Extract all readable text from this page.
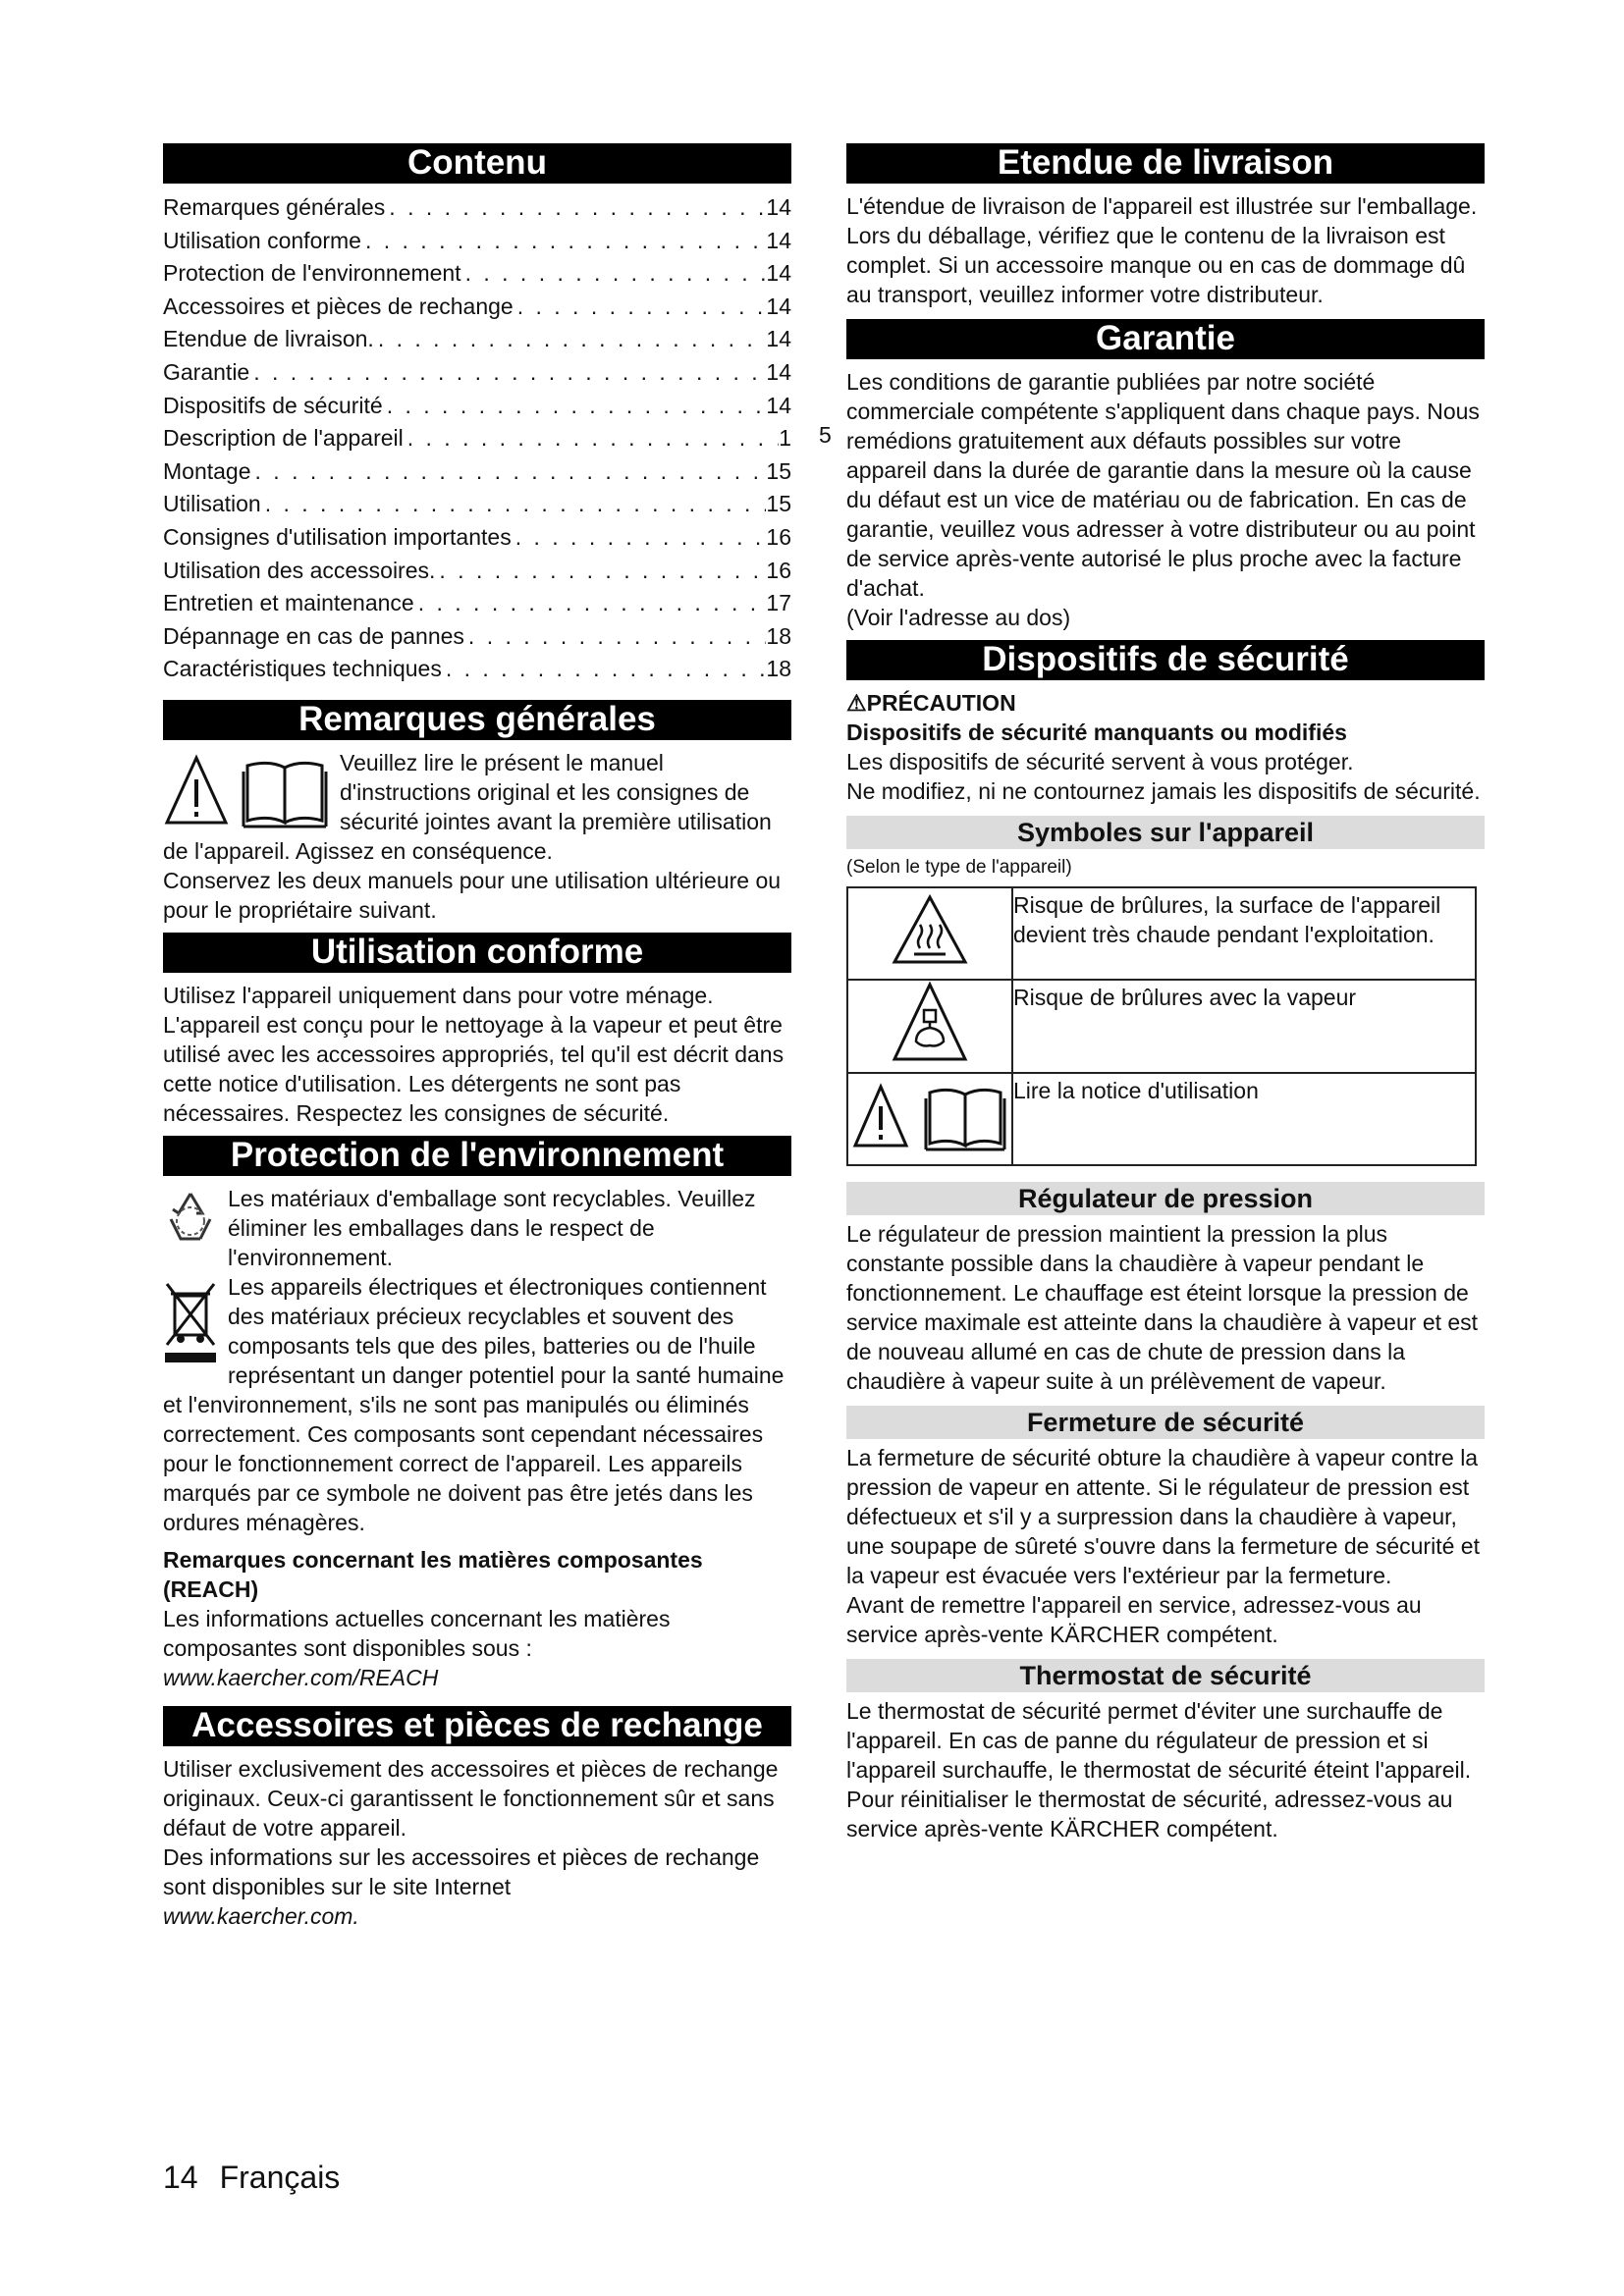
Contenu
Remarques générales . . .	14
Utilisation conforme . . .	14
Protection de l'environnement . . .	14
Accessoires et pièces de rechange . . .	14
Etendue de livraison. . . .	14
Garantie . . .	14
Dispositifs de sécurité . . .	14
Description de l'appareil . . .	1
Montage . . .	15
Utilisation . . .	15
Consignes d'utilisation importantes . . .	16
Utilisation des accessoires. . . .	16
Entretien et maintenance . . .	17
Dépannage en cas de pannes . . .	18
Caractéristiques techniques . . .	18
Remarques générales

Veuillez lire le présent le manuel d'instructions original et les consignes de sécurité jointes avant la première utilisation de l'appareil. Agissez en conséquence.

Conservez les deux manuels pour une utilisation ultérieure ou pour le propriétaire suivant.

Utilisation conforme

Utilisez l'appareil uniquement dans pour votre ménage. L'appareil est conçu pour le nettoyage à la vapeur et peut être utilisé avec les accessoires appropriés, tel qu'il est décrit dans cette notice d'utilisation. Les détergents ne sont pas nécessaires. Respectez les consignes de sécurité.

Protection de l'environnement

Les matériaux d'emballage sont recyclables. Veuillez éliminer les emballages dans le respect de l'environnement.

Les appareils électriques et électroniques contiennent des matériaux précieux recyclables et souvent des composants tels que des piles, batteries ou de l'huile représentant un danger potentiel pour la santé humaine et l'environnement, s'ils ne sont pas manipulés ou éliminés correctement. Ces composants sont cependant nécessaires pour le fonctionnement correct de l'appareil. Les appareils marqués par ce symbole ne doivent pas être jetés dans les ordures ménagères.

Remarques concernant les matières composantes (REACH)

Les informations actuelles concernant les matières composantes sont disponibles sous : www.kaercher.com/REACH

Accessoires et pièces de rechange

Utiliser exclusivement des accessoires et pièces de rechange originaux. Ceux-ci garantissent le fonctionnement sûr et sans défaut de votre appareil.

Des informations sur les accessoires et pièces de rechange sont disponibles sur le site Internet

www.kaercher.com.

5
Etendue de livraison

L'étendue de livraison de l'appareil est illustrée sur l'emballage. Lors du déballage, vérifiez que le contenu de la livraison est complet. Si un accessoire manque ou en cas de dommage dû au transport, veuillez informer votre distributeur.

Garantie

Les conditions de garantie publiées par notre société commerciale compétente s'appliquent dans chaque pays. Nous remédions gratuitement aux défauts possibles sur votre appareil dans la durée de garantie dans la mesure où la cause du défaut est un vice de matériau ou de fabrication. En cas de garantie, veuillez vous adresser à votre distributeur ou au point de service après-vente autorisé le plus proche avec la facture d'achat.

(Voir l'adresse au dos)

Dispositifs de sécurité

⚠PRÉCAUTION

Dispositifs de sécurité manquants ou modifiés

Les dispositifs de sécurité servent à vous protéger.

Ne modifiez, ni ne contournez jamais les dispositifs de sécurité.

Symboles sur l'appareil

(Selon le type de l'appareil)

	Risque de brûlures, la surface de l'appareil devient très chaude pendant l'exploitation.
	Risque de brûlures avec la vapeur
	Lire la notice d'utilisation
Régulateur de pression

Le régulateur de pression maintient la pression la plus constante possible dans la chaudière à vapeur pendant le fonctionnement. Le chauffage est éteint lorsque la pression de service maximale est atteinte dans la chaudière à vapeur et est de nouveau allumé en cas de chute de pression dans la chaudière à vapeur suite à un prélèvement de vapeur.

Fermeture de sécurité

La fermeture de sécurité obture la chaudière à vapeur contre la pression de vapeur en attente. Si le régulateur de pression est défectueux et s'il y a surpression dans la chaudière à vapeur, une soupape de sûreté s'ouvre dans la fermeture de sécurité et la vapeur est évacuée vers l'extérieur par la fermeture.

Avant de remettre l'appareil en service, adressez-vous au service après-vente KÄRCHER compétent.

Thermostat de sécurité

Le thermostat de sécurité permet d'éviter une surchauffe de l'appareil. En cas de panne du régulateur de pression et si l'appareil surchauffe, le thermostat de sécurité éteint l'appareil.

Pour réinitialiser le thermostat de sécurité, adressez-vous au service après-vente KÄRCHER compétent.

14 Français
